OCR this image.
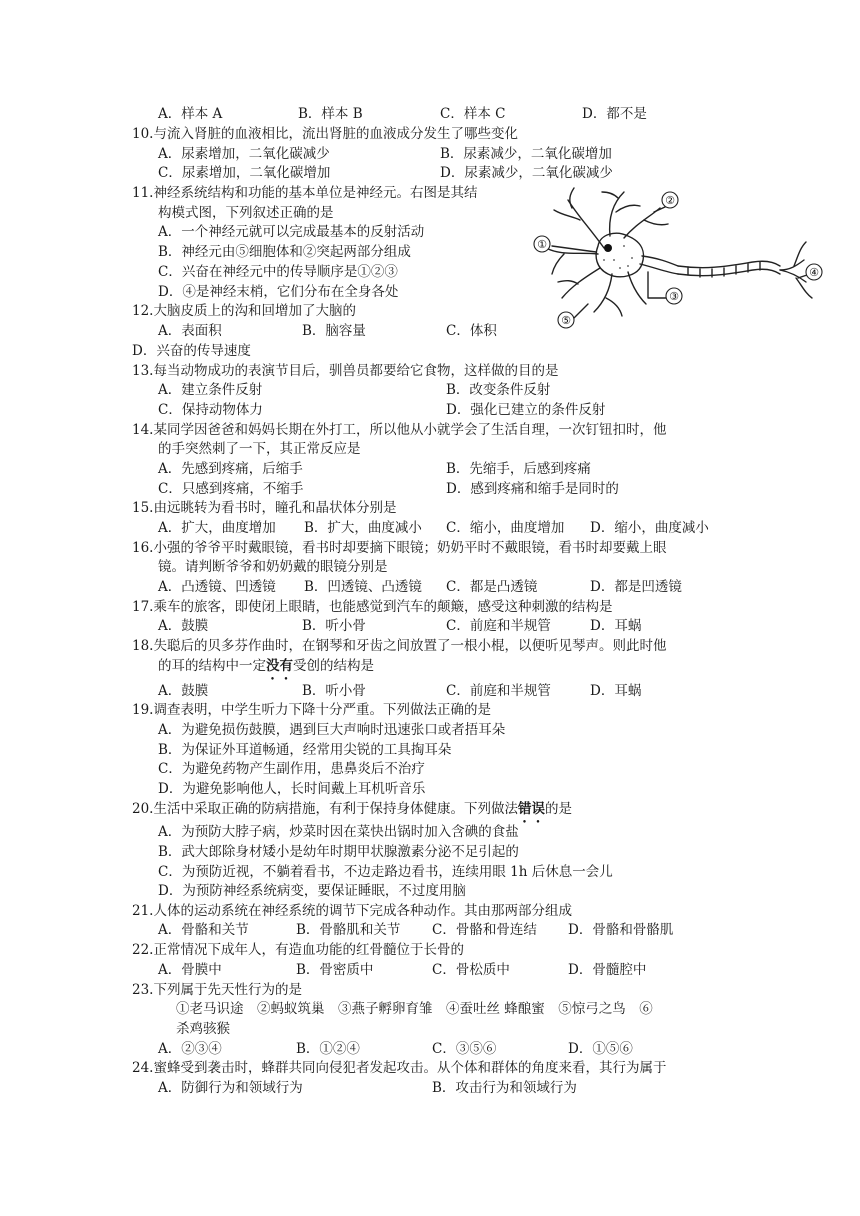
A．样本 A	B．样本 B	C．样本 C	D．都不是
10.与流入肾脏的血液相比，流出肾脏的血液成分发生了哪些变化
A．尿素增加，二氧化碳减少	B．尿素减少，二氧化碳增加
C．尿素增加，二氧化碳增加	D．尿素减少，二氧化碳减少
11.神经系统结构和功能的基本单位是神经元。右图是其结
构模式图，下列叙述正确的是
A．一个神经元就可以完成最基本的反射活动
B．神经元由⑤细胞体和②突起两部分组成
C．兴奋在神经元中的传导顺序是①②③
D．④是神经末梢，它们分布在全身各处
①
②
③
④
⑤
12.大脑皮质上的沟和回增加了大脑的
A．表面积	B．脑容量	C．体积
D．兴奋的传导速度
13.每当动物成功的表演节目后，驯兽员都要给它食物，这样做的目的是
A．建立条件反射	B．改变条件反射
C．保持动物体力	D．强化已建立的条件反射
14.某同学因爸爸和妈妈长期在外打工，所以他从小就学会了生活自理，一次钉钮扣时，他
的手突然刺了一下，其正常反应是
A．先感到疼痛，后缩手	B．先缩手，后感到疼痛
C．只感到疼痛，不缩手	D．感到疼痛和缩手是同时的
15.由远眺转为看书时，瞳孔和晶状体分别是
A．扩大，曲度增加 B．扩大，曲度减小 C．缩小，曲度增加 D．缩小，曲度减小
16.小强的爷爷平时戴眼镜，看书时却要摘下眼镜；奶奶平时不戴眼镜，看书时却要戴上眼
镜。请判断爷爷和奶奶戴的眼镜分别是
A．凸透镜、凹透镜 B．凹透镜、凸透镜 C．都是凸透镜	D．都是凹透镜
17.乘车的旅客，即使闭上眼睛，也能感觉到汽车的颠簸，感受这种刺激的结构是
A．鼓膜	B．听小骨	C．前庭和半规管	D．耳蜗
18.失聪后的贝多芬作曲时，在钢琴和牙齿之间放置了一根小棍，以便听见琴声。则此时他
的耳的结构中一定没有受创的结构是
A．鼓膜	B．听小骨	C．前庭和半规管	D．耳蜗
19.调查表明，中学生听力下降十分严重。下列做法正确的是
A．为避免损伤鼓膜，遇到巨大声响时迅速张口或者捂耳朵
B．为保证外耳道畅通，经常用尖锐的工具掏耳朵
C．为避免药物产生副作用，患鼻炎后不治疗
D．为避免影响他人，长时间戴上耳机听音乐
20.生活中采取正确的防病措施，有利于保持身体健康。下列做法错误的是
A．为预防大脖子病，炒菜时因在菜快出锅时加入含碘的食盐
B．武大郎除身材矮小是幼年时期甲状腺激素分泌不足引起的
C．为预防近视，不躺着看书，不边走路边看书，连续用眼 1h 后休息一会儿
D．为预防神经系统病变，要保证睡眠，不过度用脑
21.人体的运动系统在神经系统的调节下完成各种动作。其由那两部分组成
A．骨骼和关节	B．骨骼肌和关节 C．骨骼和骨连结 D．骨骼和骨骼肌
22.正常情况下成年人，有造血功能的红骨髓位于长骨的
A．骨膜中	B．骨密质中	C．骨松质中	D．骨髓腔中
23.下列属于先天性行为的是
①老马识途　②蚂蚁筑巢　③燕子孵卵育雏　④蚕吐丝 蜂酿蜜　⑤惊弓之鸟　⑥
杀鸡骇猴
A．②③④	B．①②④	C．③⑤⑥	D．①⑤⑥
24.蜜蜂受到袭击时，蜂群共同向侵犯者发起攻击。从个体和群体的角度来看，其行为属于
A．防御行为和领域行为	B．攻击行为和领域行为
